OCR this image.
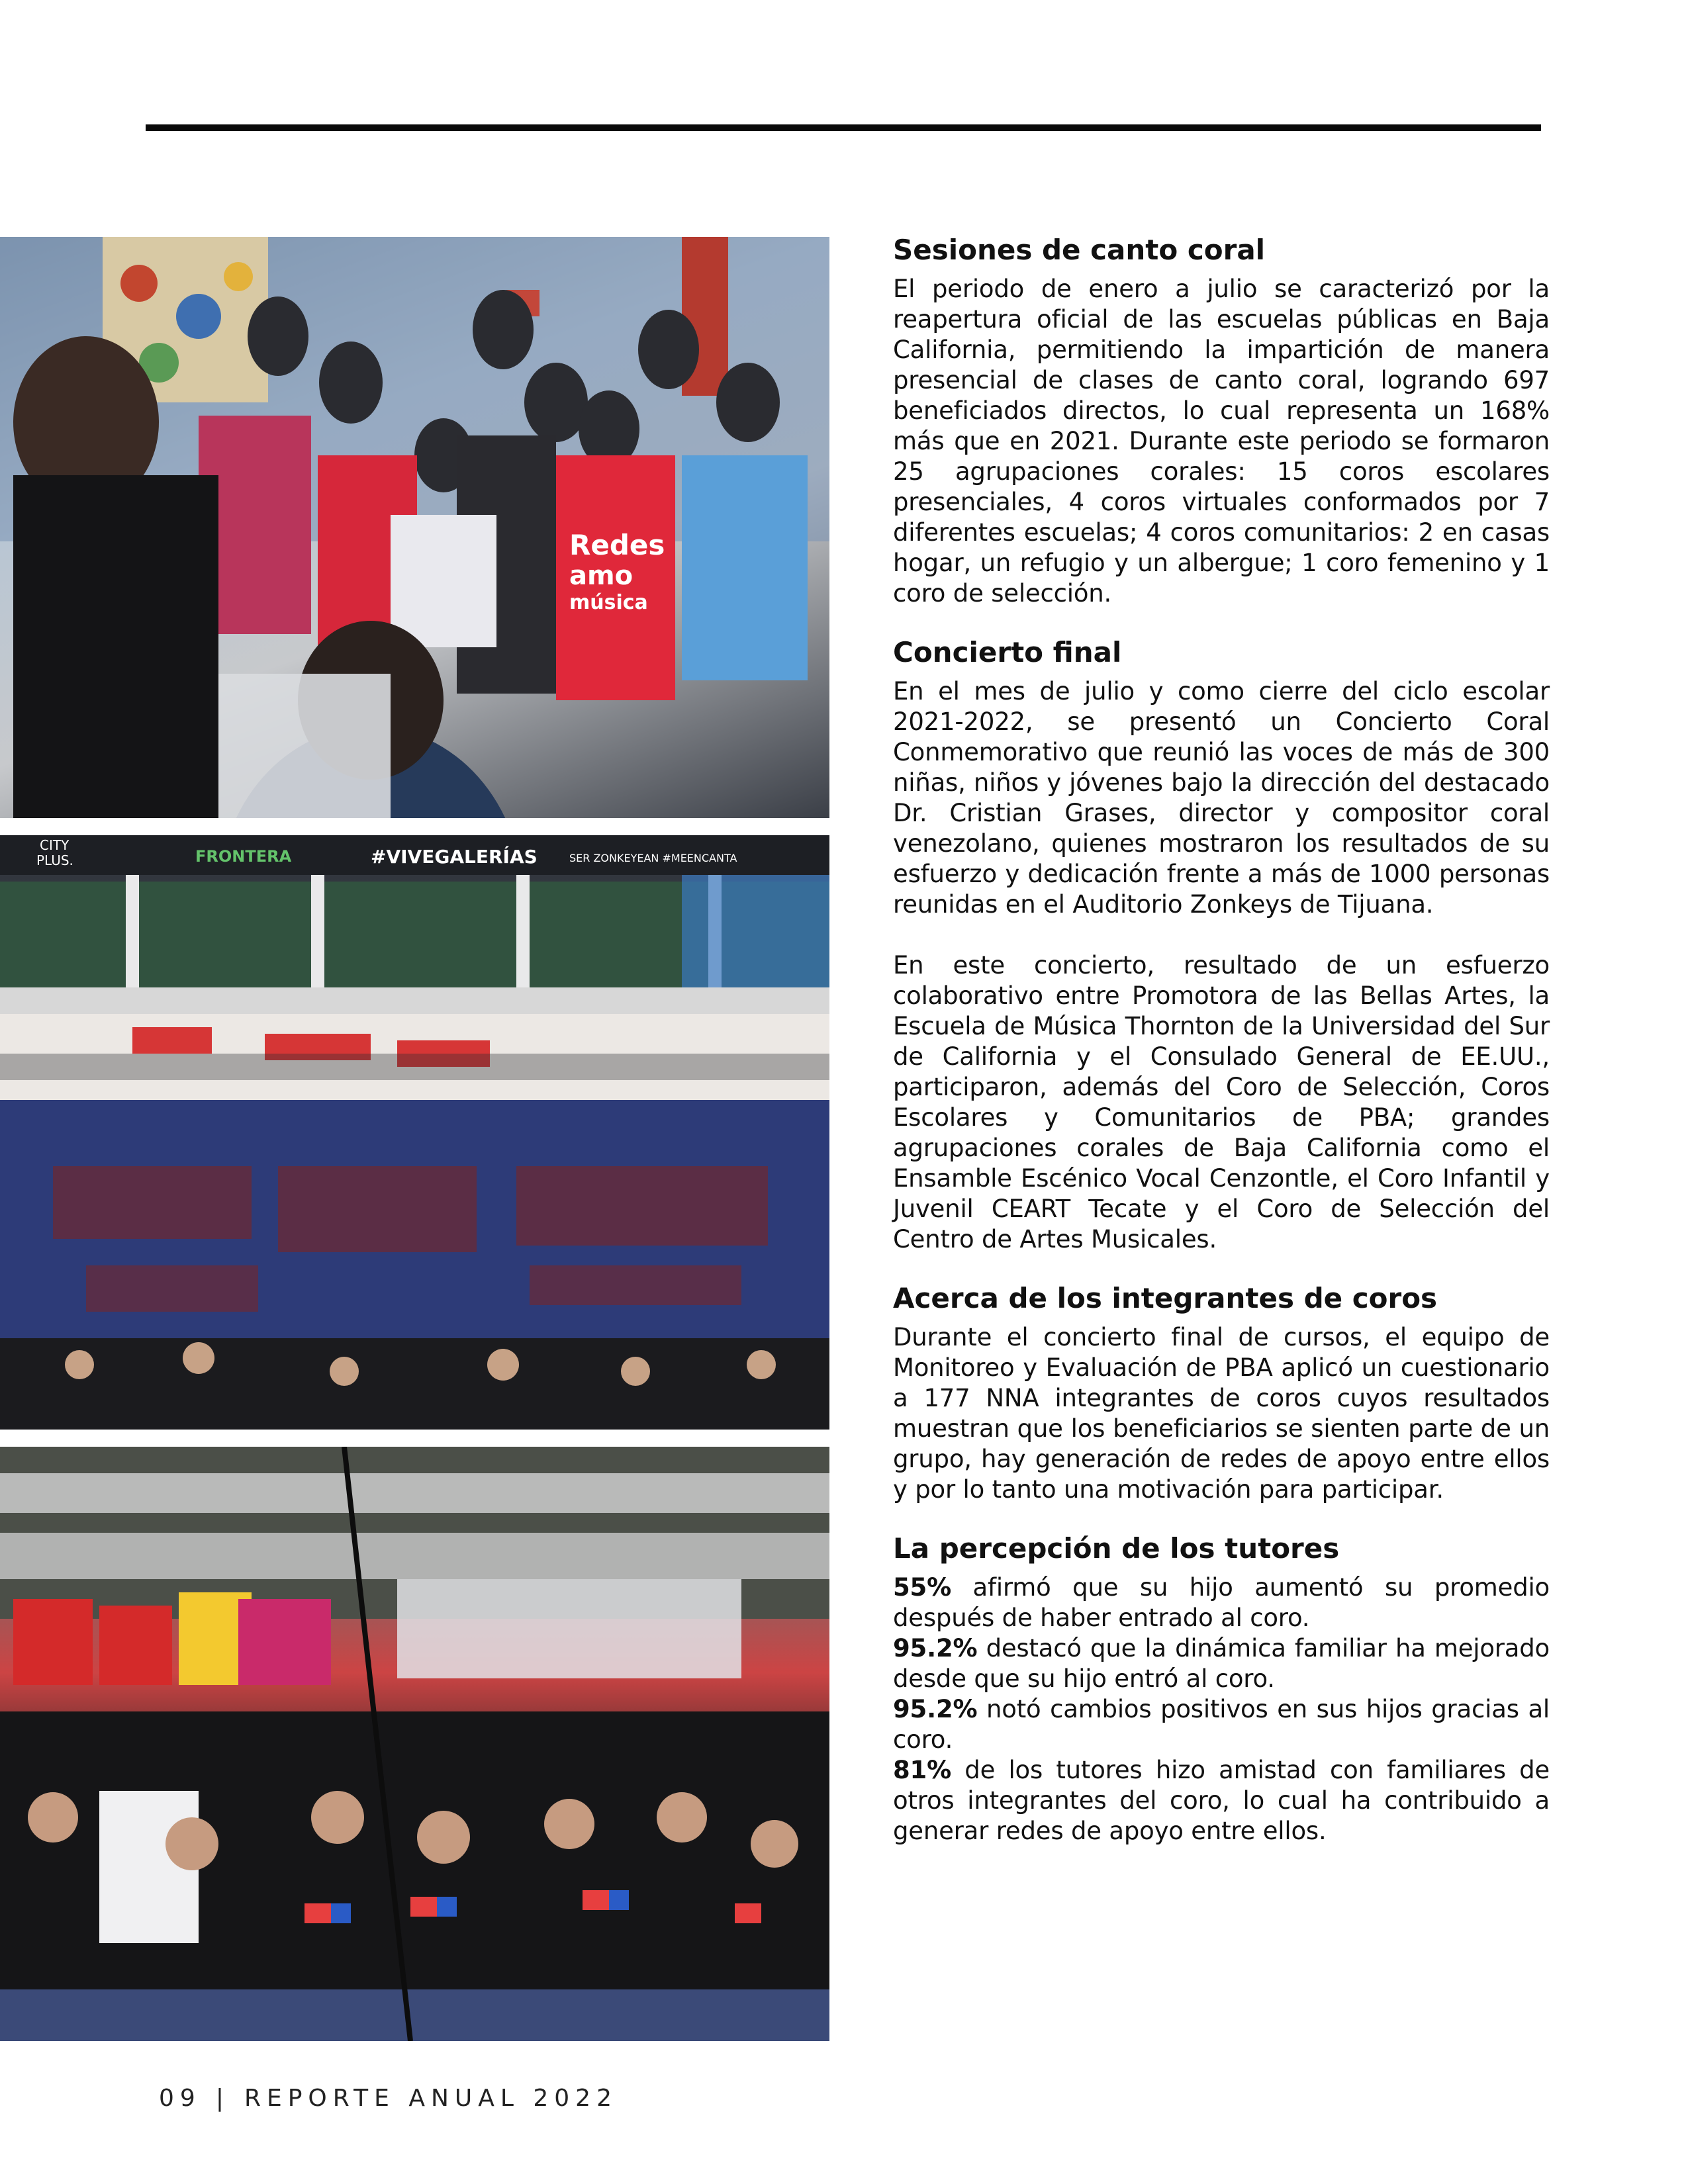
Redes
amo
música
CITY
PLUS.	FRONTERA	#VIVEGALERÍAS	SER ZONKEYEAN #MEENCANTA
Sesiones de canto coral

El periodo de enero a julio se caracterizó por la reapertura oficial de las escuelas públicas en Baja California, permitiendo la impartición de manera presencial de clases de canto coral, logrando 697 beneficiados directos, lo cual representa un 168% más que en 2021. Durante este periodo se formaron 25 agrupaciones corales: 15 coros escolares presenciales, 4 coros virtuales conformados por 7 diferentes escuelas; 4 coros comunitarios: 2 en casas hogar, un refugio y un albergue; 1 coro femenino y 1 coro de selección.

Concierto final

En el mes de julio y como cierre del ciclo escolar 2021-2022, se presentó un Concierto Coral Conmemorativo que reunió las voces de más de 300 niñas, niños y jóvenes bajo la dirección del destacado Dr. Cristian Grases, director y compositor coral venezolano, quienes mostraron los resultados de su esfuerzo y dedicación frente a más de 1000 personas reunidas en el Auditorio Zonkeys de Tijuana.

En este concierto, resultado de un esfuerzo colaborativo entre Promotora de las Bellas Artes, la Escuela de Música Thornton de la Universidad del Sur de California y el Consulado General de EE.UU., participaron, además del Coro de Selección, Coros Escolares y Comunitarios de PBA; grandes agrupaciones corales de Baja California como el Ensamble Escénico Vocal Cenzontle, el Coro Infantil y Juvenil CEART Tecate y el Coro de Selección del Centro de Artes Musicales.

Acerca de los integrantes de coros

Durante el concierto final de cursos, el equipo de Monitoreo y Evaluación de PBA aplicó un cuestionario a 177 NNA integrantes de coros cuyos resultados muestran que los beneficiarios se sienten parte de un grupo, hay generación de redes de apoyo entre ellos y por lo tanto una motivación para participar.

La percepción de los tutores

55% afirmó que su hijo aumentó su promedio después de haber entrado al coro.

95.2% destacó que la dinámica familiar ha mejorado desde que su hijo entró al coro.

95.2% notó cambios positivos en sus hijos gracias al coro.

81% de los tutores hizo amistad con familiares de otros integrantes del coro, lo cual ha contribuido a generar redes de apoyo entre ellos.

09 | REPORTE ANUAL 2022
